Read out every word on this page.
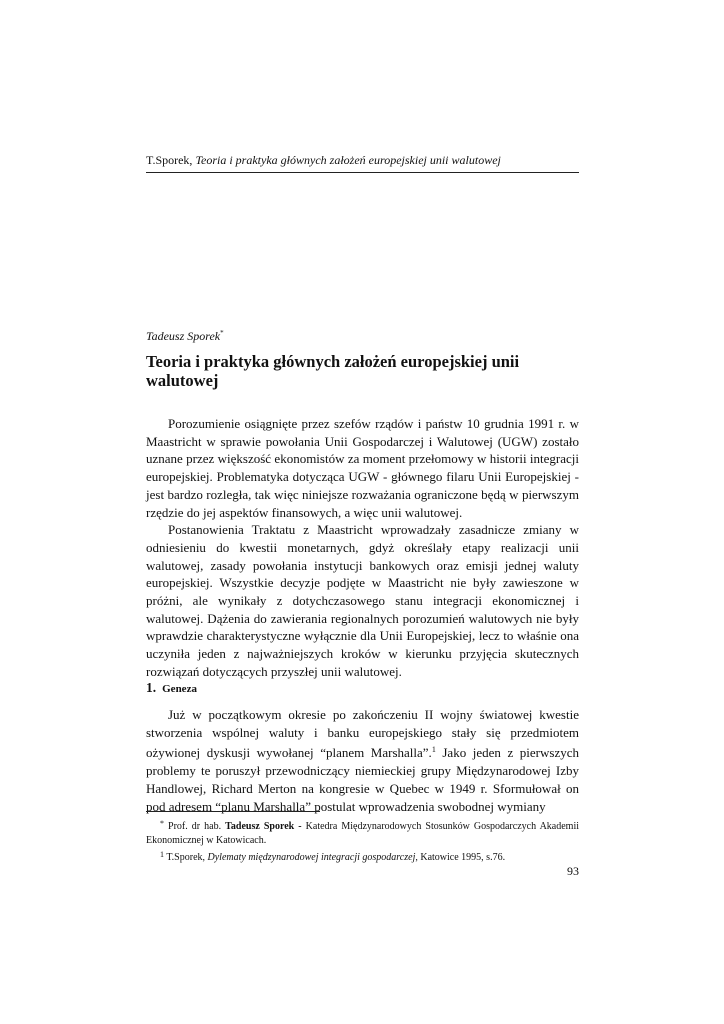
T.Sporek, Teoria i praktyka głównych założeń europejskiej unii walutowej
Tadeusz Sporek*
Teoria i praktyka głównych założeń europejskiej unii walutowej

Porozumienie osiągnięte przez szefów rządów i państw 10 grudnia 1991 r. w Maastricht w sprawie powołania Unii Gospodarczej i Walutowej (UGW) zostało uznane przez większość ekonomistów za moment przełomowy w historii integracji europejskiej. Problematyka dotycząca UGW - głównego filaru Unii Europejskiej - jest bardzo rozległa, tak więc niniejsze rozważania ograniczone będą w pierwszym rzędzie do jej aspektów finansowych, a więc unii walutowej.

Postanowienia Traktatu z Maastricht wprowadzały zasadnicze zmiany w odniesieniu do kwestii monetarnych, gdyż określały etapy realizacji unii walutowej, zasady powołania instytucji bankowych oraz emisji jednej waluty europejskiej. Wszystkie decyzje podjęte w Maastricht nie były zawieszone w próżni, ale wynikały z dotychczasowego stanu integracji ekonomicznej i walutowej. Dążenia do zawierania regionalnych porozumień walutowych nie były wprawdzie charakterystyczne wyłącznie dla Unii Europejskiej, lecz to właśnie ona uczyniła jeden z najważniejszych kroków w kierunku przyjęcia skutecznych rozwiązań dotyczących przyszłej unii walutowej.

1. Geneza

Już w początkowym okresie po zakończeniu II wojny światowej kwestie stworzenia wspólnej waluty i banku europejskiego stały się przedmiotem ożywionej dyskusji wywołanej “planem Marshalla”.$^1$ Jako jeden z pierwszych problemy te poruszył przewodniczący niemieckiej grupy Międzynarodowej Izby Handlowej, Richard Merton na kongresie w Quebec w 1949 r. Sformułował on pod adresem “planu Marshalla” postulat wprowadzenia swobodnej wymiany

* Prof. dr hab. Tadeusz Sporek - Katedra Międzynarodowych Stosunków Gospodarczych Akademii Ekonomicznej w Katowicach.

$^1$ T.Sporek, Dylematy międzynarodowej integracji gospodarczej, Katowice 1995, s.76.

93
